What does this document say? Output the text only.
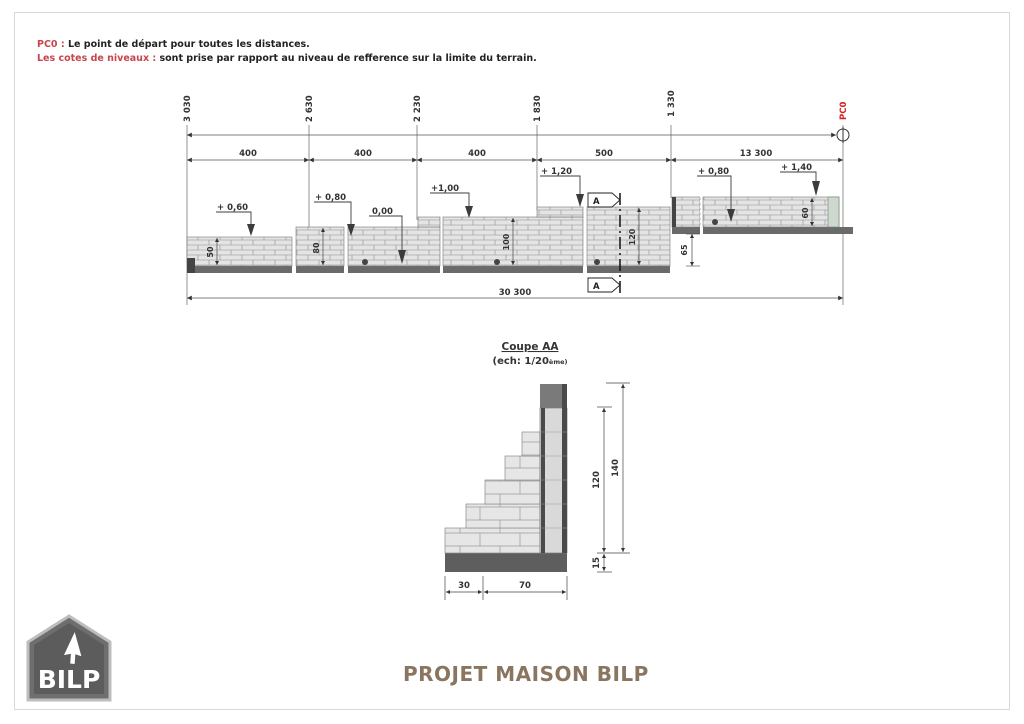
PC0 : Le point de départ pour toutes les distances.
Les cotes de niveaux : sont prise par rapport au niveau de refference sur la limite du terrain.
3 030	2 630	2 230	1 830	1 330	PC0
400	400	400	500	13 300
+ 0,60
+ 0,80
0,00
+1,00
+ 1,20	+ 0,80	+ 1,40
50	80	100	120
60
65
A
A
30 300
Coupe AA
(ech: 1/20ème)
140
120
15
30	70
BILP	PROJET MAISON BILP
